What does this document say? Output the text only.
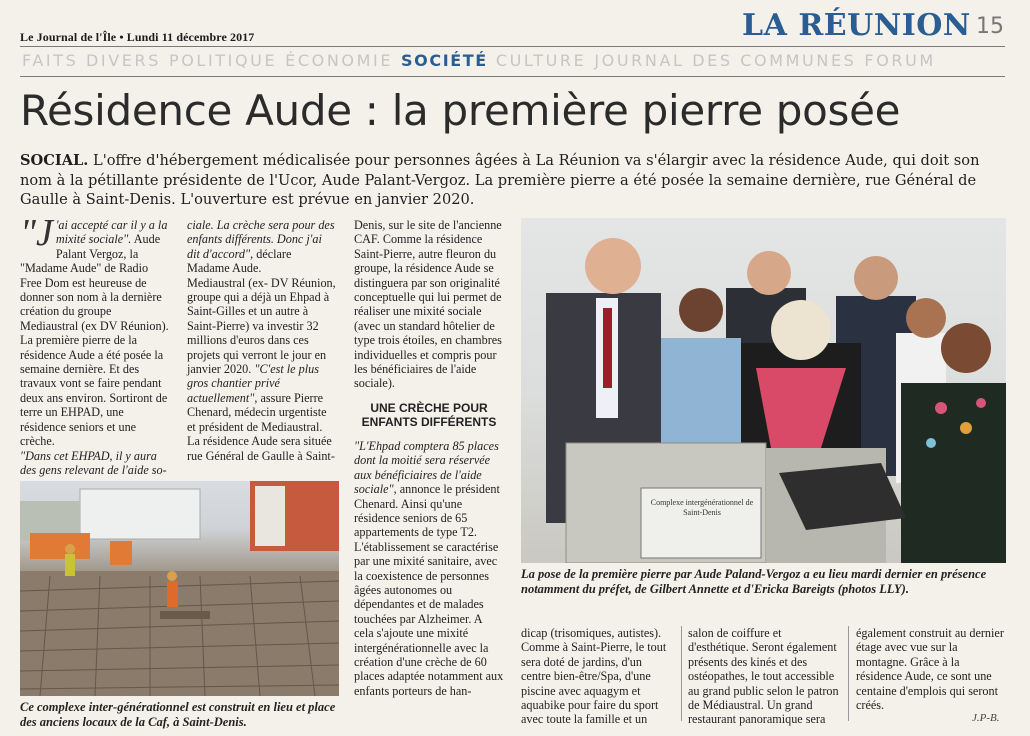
Le Journal de l'Île • Lundi 11 décembre 2017	LA RÉUNION 15
FAITS DIVERS POLITIQUE ÉCONOMIE SOCIÉTÉ CULTURE JOURNAL DES COMMUNES FORUM
Résidence Aude : la première pierre posée
SOCIAL. L'offre d'hébergement médicalisée pour personnes âgées à La Réunion va s'élargir avec la résidence Aude, qui doit son nom à la pétillante présidente de l'Ucor, Aude Palant-Vergoz. La première pierre a été posée la semaine dernière, rue Général de Gaulle à Saint-Denis. L'ouverture est prévue en janvier 2020.

"J 'ai accepté car il y a la mixité sociale". Aude Palant Vergoz, la "Madame Aude" de Radio Free Dom est heureuse de donner son nom à la dernière création du groupe Mediaustral (ex DV Réunion).

La première pierre de la résidence Aude a été posée la semaine dernière. Et des travaux vont se faire pendant deux ans environ. Sortiront de terre un EHPAD, une résidence seniors et une crèche.

"Dans cet EHPAD, il y aura des gens relevant de l'aide so-

ciale. La crèche sera pour des enfants différents. Donc j'ai dit d'accord", déclare Madame Aude.

Mediaustral (ex- DV Réunion, groupe qui a déjà un Ehpad à Saint-Gilles et un autre à Saint-Pierre) va investir 32 millions d'euros dans ces projets qui verront le jour en janvier 2020. "C'est le plus gros chantier privé actuellement", assure Pierre Chenard, médecin urgentiste et président de Mediaustral. La résidence Aude sera située rue Général de Gaulle à Saint-

Denis, sur le site de l'ancienne CAF. Comme la résidence Saint-Pierre, autre fleuron du groupe, la résidence Aude se distinguera par son originalité conceptuelle qui lui permet de réaliser une mixité sociale (avec un standard hôtelier de type trois étoiles, en chambres individuelles et compris pour les bénéficiaires de l'aide sociale).

UNE CRÈCHE POUR ENFANTS DIFFÉRENTS

"L'Ehpad comptera 85 places dont la moitié sera réservée aux bénéficiaires de l'aide sociale", annonce le président Chenard. Ainsi qu'une résidence seniors de 65 appartements de type T2.

L'établissement se caractérise par une mixité sanitaire, avec la coexistence de personnes âgées autonomes ou dépendantes et de malades touchées par Alzheimer. A cela s'ajoute une mixité intergénérationnelle avec la création d'une crèche de 60 places adaptée notamment aux enfants porteurs de han-

dicap (trisomiques, autistes). Comme à Saint-Pierre, le tout sera doté de jardins, d'un centre bien-être/Spa, d'une piscine avec aquagym et aquabike pour faire du sport avec toute la famille et un

salon de coiffure et d'esthétique. Seront également présents des kinés et des ostéopathes, le tout accessible au grand public selon le patron de Médiaustral. Un grand restaurant panoramique sera

également construit au dernier étage avec vue sur la montagne. Grâce à la résidence Aude, ce sont une centaine d'emplois qui seront créés.

J.P-B.
Ce complexe inter-générationnel est construit en lieu et place des anciens locaux de la Caf, à Saint-Denis.
Complexe intergénérationnel de Saint-Denis
La pose de la première pierre par Aude Paland-Vergoz a eu lieu mardi dernier en présence notamment du préfet, de Gilbert Annette et d'Ericka Bareigts (photos LLY).
